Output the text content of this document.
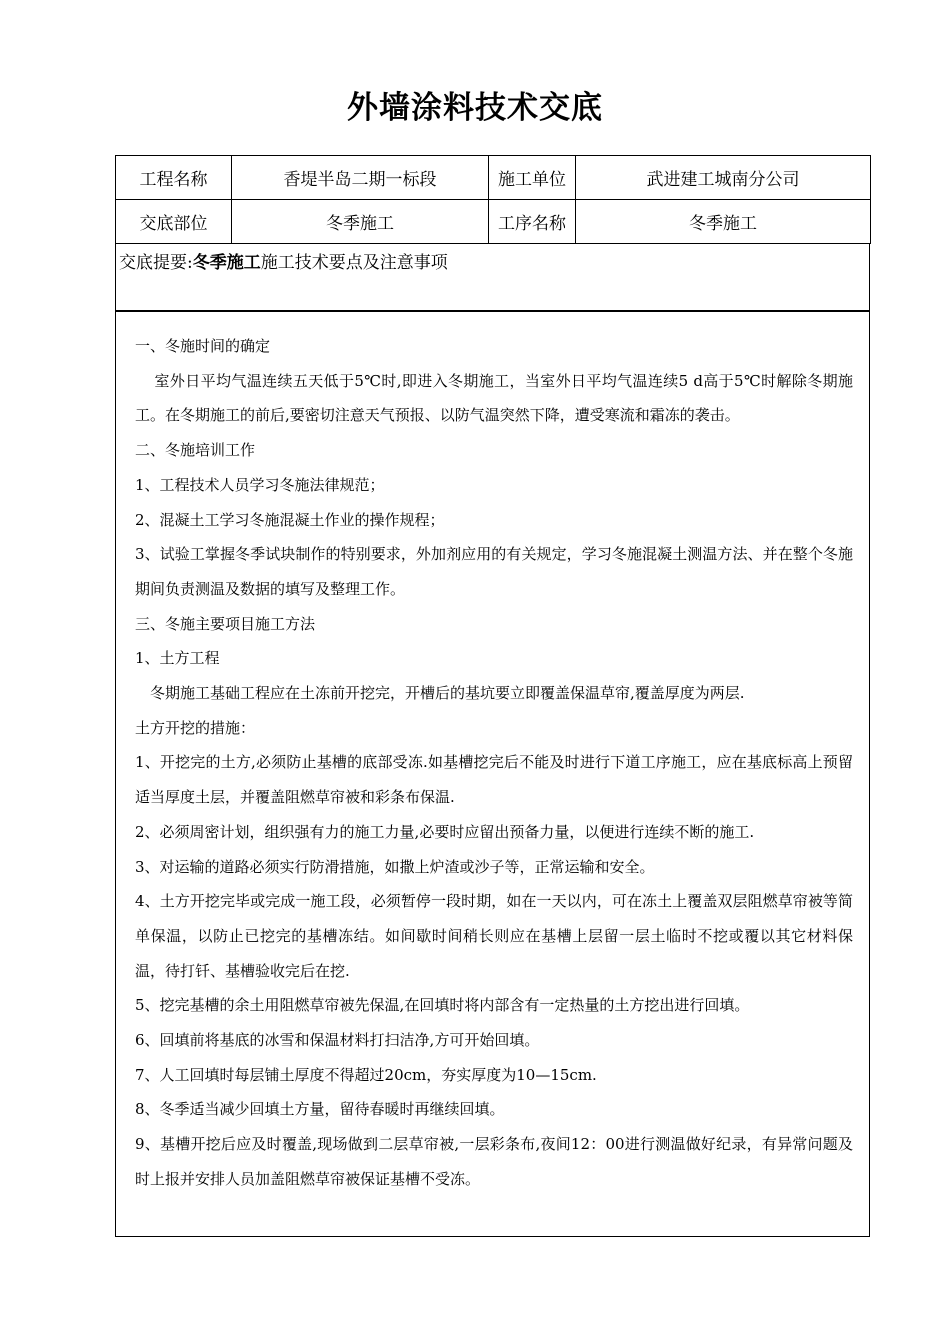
外墙涂料技术交底
工程名称	香堤半岛二期一标段	施工单位	武进建工城南分公司
交底部位	冬季施工	工序名称	冬季施工
交底提要:冬季施工施工技术要点及注意事项

一、冬施时间的确定

室外日平均气温连续五天低于5℃时,即进入冬期施工，当室外日平均气温连续5 d高于5℃时解除冬期施工。在冬期施工的前后,要密切注意天气预报、以防气温突然下降，遭受寒流和霜冻的袭击。

二、冬施培训工作

1、工程技术人员学习冬施法律规范；

2、混凝土工学习冬施混凝土作业的操作规程；

3、试验工掌握冬季试块制作的特别要求，外加剂应用的有关规定，学习冬施混凝土测温方法、并在整个冬施期间负责测温及数据的填写及整理工作。

三、冬施主要项目施工方法

1、土方工程

冬期施工基础工程应在土冻前开挖完，开槽后的基坑要立即覆盖保温草帘,覆盖厚度为两层.

土方开挖的措施：

1、开挖完的土方,必须防止基槽的底部受冻.如基槽挖完后不能及时进行下道工序施工，应在基底标高上预留适当厚度土层，并覆盖阻燃草帘被和彩条布保温.

2、必须周密计划，组织强有力的施工力量,必要时应留出预备力量，以便进行连续不断的施工.

3、对运输的道路必须实行防滑措施，如撒上炉渣或沙子等，正常运输和安全。

4、土方开挖完毕或完成一施工段，必须暂停一段时期，如在一天以内，可在冻土上覆盖双层阻燃草帘被等简单保温，以防止已挖完的基槽冻结。如间歇时间稍长则应在基槽上层留一层土临时不挖或覆以其它材料保温，待打钎、基槽验收完后在挖.

5、挖完基槽的余土用阻燃草帘被先保温,在回填时将内部含有一定热量的土方挖出进行回填。

6、回填前将基底的冰雪和保温材料打扫洁净,方可开始回填。

7、人工回填时每层铺土厚度不得超过20cm，夯实厚度为10—15cm.

8、冬季适当减少回填土方量，留待春暖时再继续回填。

9、基槽开挖后应及时覆盖,现场做到二层草帘被,一层彩条布,夜间12：00进行测温做好纪录，有异常问题及时上报并安排人员加盖阻燃草帘被保证基槽不受冻。
